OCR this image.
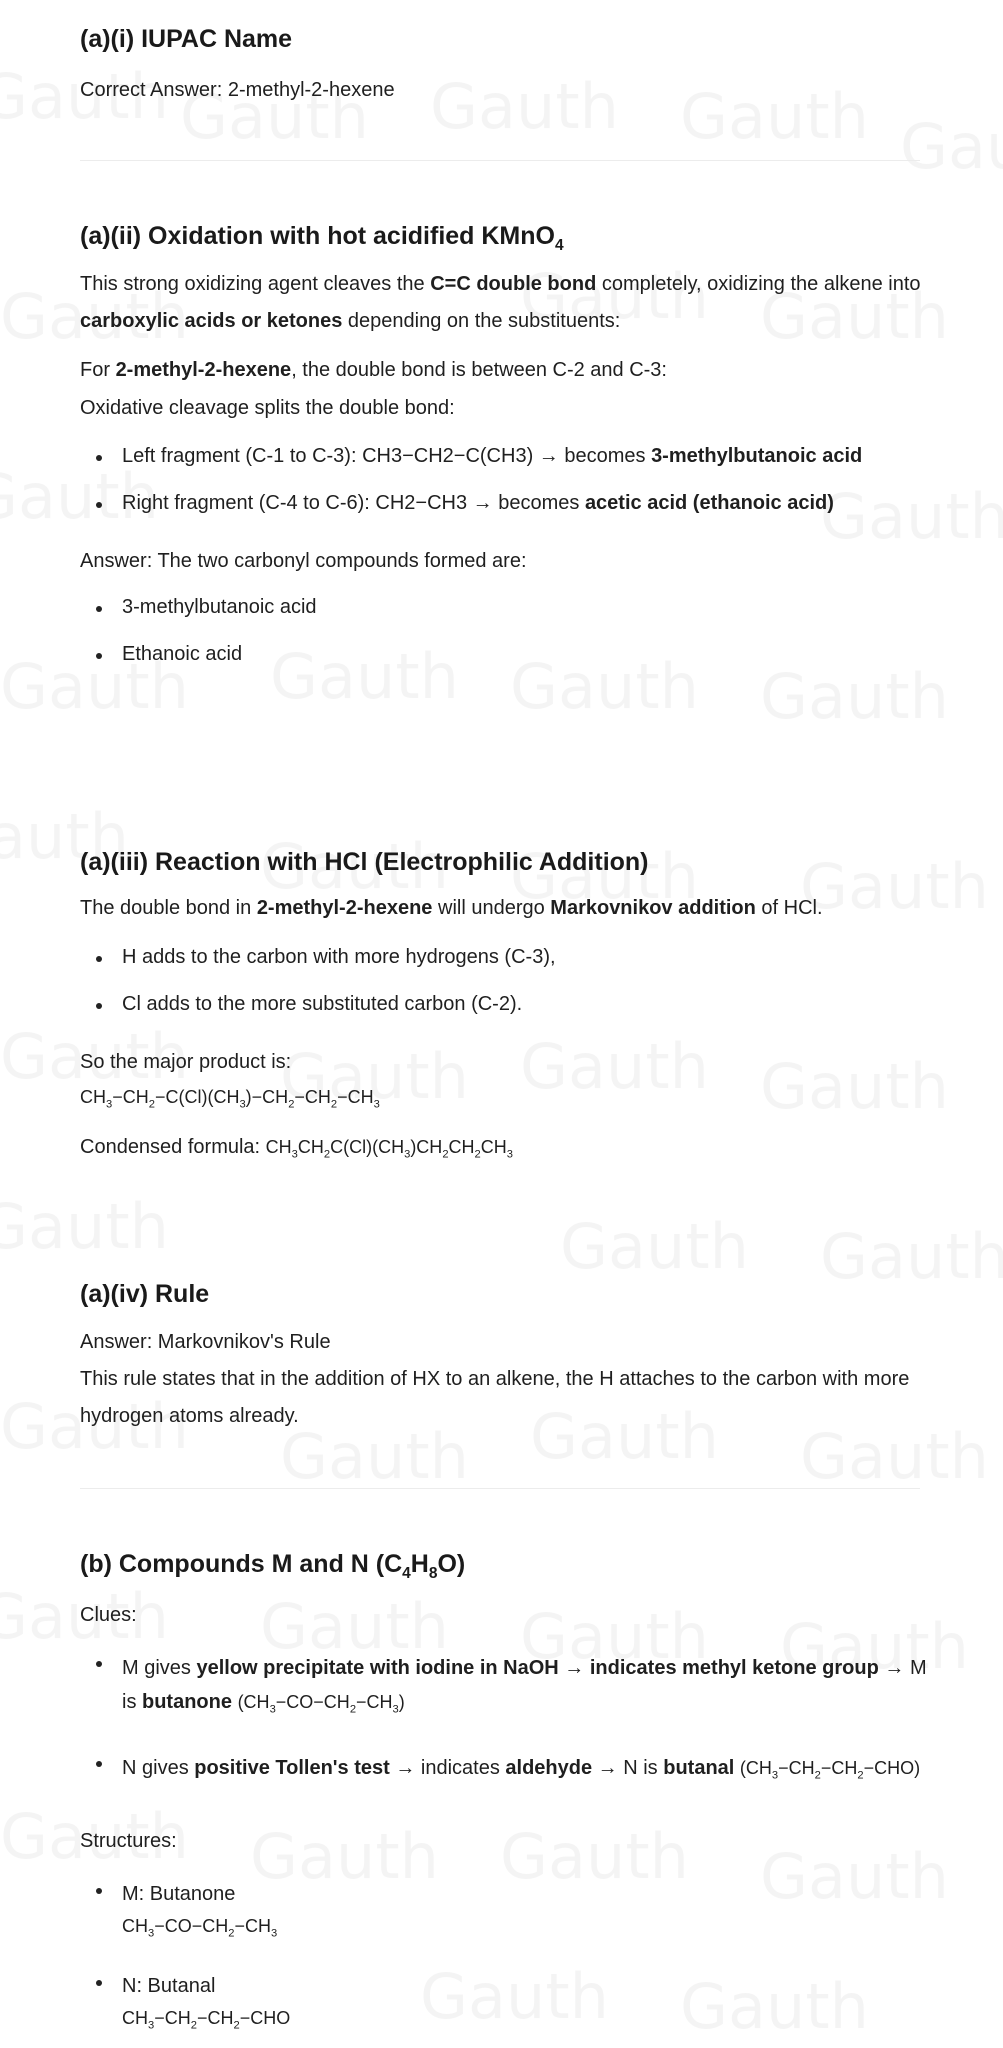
(a)(i) IUPAC Name

Correct Answer: 2-methyl-2-hexene

(a)(ii) Oxidation with hot acidified KMnO$_4$
This strong oxidizing agent cleaves the C=C double bond completely, oxidizing the alkene into carboxylic acids or ketones depending on the substituents:

For 2-methyl-2-hexene, the double bond is between C-2 and C-3:

Oxidative cleavage splits the double bond:

Left fragment (C-1 to C-3): CH3−CH2−C(CH3) → becomes 3-methylbutanoic acid
Right fragment (C-4 to C-6): CH2−CH3 → becomes acetic acid (ethanoic acid)

Answer: The two carbonyl compounds formed are:

3-methylbutanoic acid
Ethanoic acid
(a)(iii) Reaction with HCl (Electrophilic Addition)

The double bond in 2-methyl-2-hexene will undergo Markovnikov addition of HCl.

H adds to the carbon with more hydrogens (C-3),
Cl adds to the more substituted carbon (C-2).

So the major product is:

$CH_3-CH_2-C(Cl)(CH_3)-CH_2-CH_2-CH_3$

Condensed formula: $CH_3CH_2C(Cl)(CH_3)CH_2CH_2CH_3$

(a)(iv) Rule

Answer: Markovnikov's Rule

This rule states that in the addition of HX to an alkene, the H attaches to the carbon with more hydrogen atoms already.
(b) Compounds M and N $(C_4H_8O)$

Clues:

M gives yellow precipitate with iodine in NaOH → indicates methyl ketone group → M is butanone $(CH_3-CO-CH_2-CH_3)$
N gives positive Tollen's test → indicates aldehyde → N is butanal $(CH_3-CH_2-CH_2-CHO)$

Structures:

M: Butanone
$CH_3-CO-CH_2-CH_3$
N: Butanal
$CH_3-CH_2-CH_2-CHO$
